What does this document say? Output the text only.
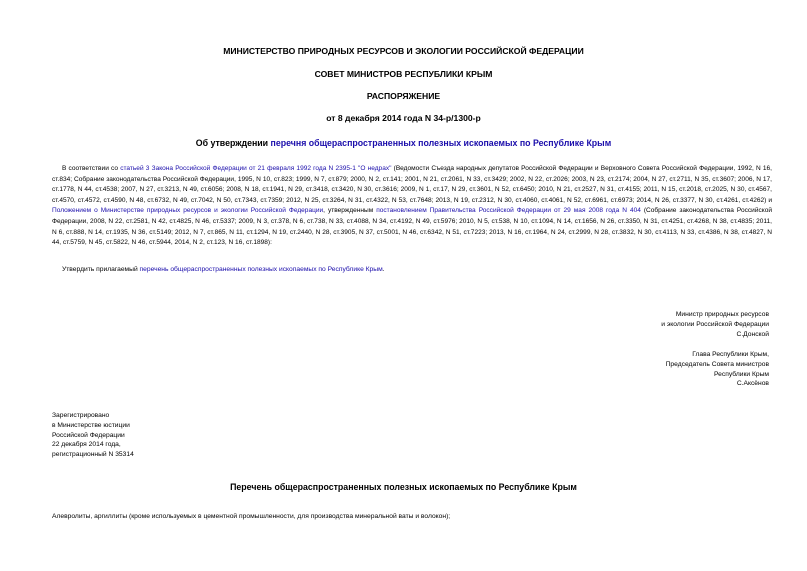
МИНИСТЕРСТВО ПРИРОДНЫХ РЕСУРСОВ И ЭКОЛОГИИ РОССИЙСКОЙ ФЕДЕРАЦИИ

СОВЕТ МИНИСТРОВ РЕСПУБЛИКИ КРЫМ

РАСПОРЯЖЕНИЕ

от 8 декабря 2014 года N 34-р/1300-р

Об утверждении перечня общераспространенных полезных ископаемых по Республике Крым

В соответствии со статьей 3 Закона Российской Федерации от 21 февраля 1992 года N 2395-1 "О недрах" (Ведомости Съезда народных депутатов Российской Федерации и Верховного Совета Российской Федерации, 1992, N 16, ст.834; Собрание законодательства Российской Федерации, 1995, N 10, ст.823; 1999, N 7, ст.879; 2000, N 2, ст.141; 2001, N 21, ст.2061, N 33, ст.3429; 2002, N 22, ст.2026; 2003, N 23, ст.2174; 2004, N 27, ст.2711, N 35, ст.3607; 2006, N 17, ст.1778, N 44, ст.4538; 2007, N 27, ст.3213, N 49, ст.6056; 2008, N 18, ст.1941, N 29, ст.3418, ст.3420, N 30, ст.3616; 2009, N 1, ст.17, N 29, ст.3601, N 52, ст.6450; 2010, N 21, ст.2527, N 31, ст.4155; 2011, N 15, ст.2018, ст.2025, N 30, ст.4567, ст.4570, ст.4572, ст.4590, N 48, ст.6732, N 49, ст.7042, N 50, ст.7343, ст.7359; 2012, N 25, ст.3264, N 31, ст.4322, N 53, ст.7648; 2013, N 19, ст.2312, N 30, ст.4060, ст.4061, N 52, ст.6961, ст.6973; 2014, N 26, ст.3377, N 30, ст.4261, ст.4262) и Положением о Министерстве природных ресурсов и экологии Российской Федерации, утвержденным постановлением Правительства Российской Федерации от 29 мая 2008 года N 404 (Собрание законодательства Российской Федерации, 2008, N 22, ст.2581, N 42, ст.4825, N 46, ст.5337; 2009, N 3, ст.378, N 6, ст.738, N 33, ст.4088, N 34, ст.4192, N 49, ст.5976; 2010, N 5, ст.538, N 10, ст.1094, N 14, ст.1656, N 26, ст.3350, N 31, ст.4251, ст.4268, N 38, ст.4835; 2011, N 6, ст.888, N 14, ст.1935, N 36, ст.5149; 2012, N 7, ст.865, N 11, ст.1294, N 19, ст.2440, N 28, ст.3905, N 37, ст.5001, N 46, ст.6342, N 51, ст.7223; 2013, N 16, ст.1964, N 24, ст.2999, N 28, ст.3832, N 30, ст.4113, N 33, ст.4386, N 38, ст.4827, N 44, ст.5759, N 45, ст.5822, N 46, ст.5944, 2014, N 2, ст.123, N 16, ст.1898):

Утвердить прилагаемый перечень общераспространенных полезных ископаемых по Республике Крым.

Министр природных ресурсов
и экологии Российской Федерации
С.Донской
Глава Республики Крым,
Председатель Совета министров
Республики Крым
С.Аксёнов
Зарегистрировано
в Министерстве юстиции
Российской Федерации
22 декабря 2014 года,
регистрационный N 35314

Перечень общераспространенных полезных ископаемых по Республике Крым

Алевролиты, аргиллиты (кроме используемых в цементной промышленности, для производства минеральной ваты и волокон);
